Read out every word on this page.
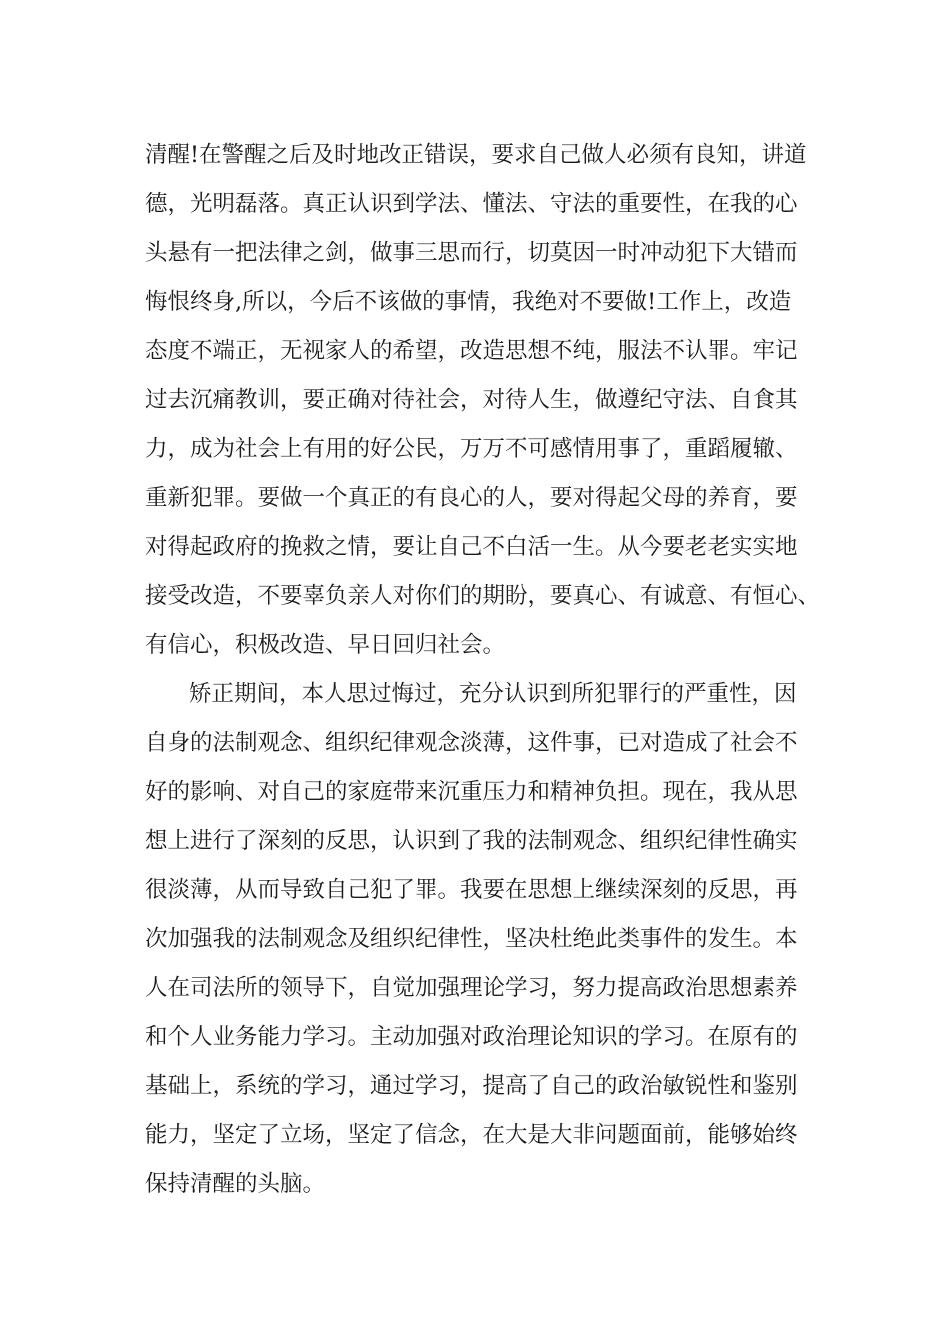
清醒!在警醒之后及时地改正错误，要求自己做人必须有良知，讲道
德，光明磊落。真正认识到学法、懂法、守法的重要性，在我的心
头悬有一把法律之剑，做事三思而行，切莫因一时冲动犯下大错而
悔恨终身,所以，今后不该做的事情，我绝对不要做!工作上，改造
态度不端正，无视家人的希望，改造思想不纯，服法不认罪。牢记
过去沉痛教训，要正确对待社会，对待人生，做遵纪守法、自食其
力，成为社会上有用的好公民，万万不可感情用事了，重蹈履辙、
重新犯罪。要做一个真正的有良心的人，要对得起父母的养育，要
对得起政府的挽救之情，要让自己不白活一生。从今要老老实实地
接受改造，不要辜负亲人对你们的期盼，要真心、有诚意、有恒心、
有信心，积极改造、早日回归社会。
矫正期间，本人思过悔过，充分认识到所犯罪行的严重性，因
自身的法制观念、组织纪律观念淡薄，这件事，已对造成了社会不
好的影响、对自己的家庭带来沉重压力和精神负担。现在，我从思
想上进行了深刻的反思，认识到了我的法制观念、组织纪律性确实
很淡薄，从而导致自己犯了罪。我要在思想上继续深刻的反思，再
次加强我的法制观念及组织纪律性，坚决杜绝此类事件的发生。本
人在司法所的领导下，自觉加强理论学习，努力提高政治思想素养
和个人业务能力学习。主动加强对政治理论知识的学习。在原有的
基础上，系统的学习，通过学习，提高了自己的政治敏锐性和鉴别
能力，坚定了立场，坚定了信念，在大是大非问题面前，能够始终
保持清醒的头脑。
